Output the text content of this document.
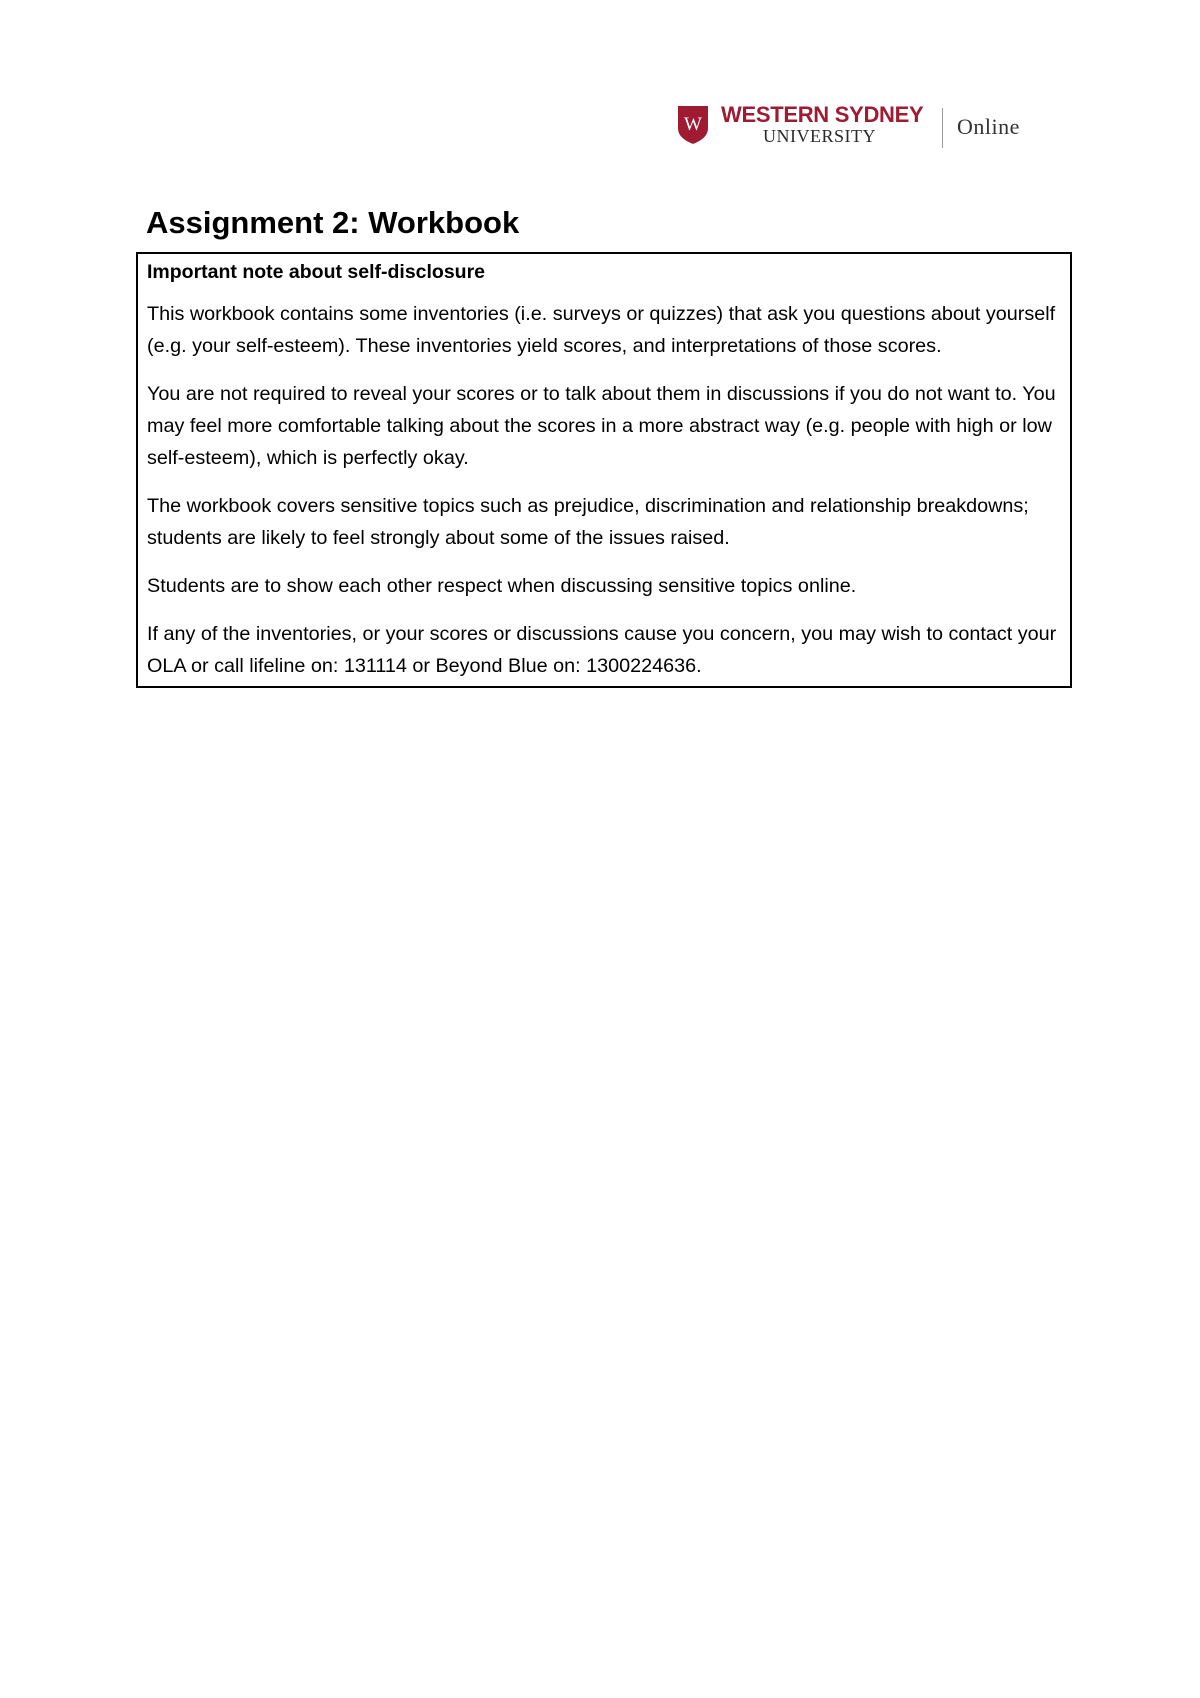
W WESTERN SYDNEY
UNIVERSITY	Online
Assignment 2: Workbook

Important note about self-disclosure

This workbook contains some inventories (i.e. surveys or quizzes) that ask you questions about yourself (e.g. your self-esteem). These inventories yield scores, and interpretations of those scores.

You are not required to reveal your scores or to talk about them in discussions if you do not want to. You may feel more comfortable talking about the scores in a more abstract way (e.g. people with high or low self-esteem), which is perfectly okay.

The workbook covers sensitive topics such as prejudice, discrimination and relationship breakdowns; students are likely to feel strongly about some of the issues raised.

Students are to show each other respect when discussing sensitive topics online.

If any of the inventories, or your scores or discussions cause you concern, you may wish to contact your OLA or call lifeline on: 131114 or Beyond Blue on: 1300224636.
